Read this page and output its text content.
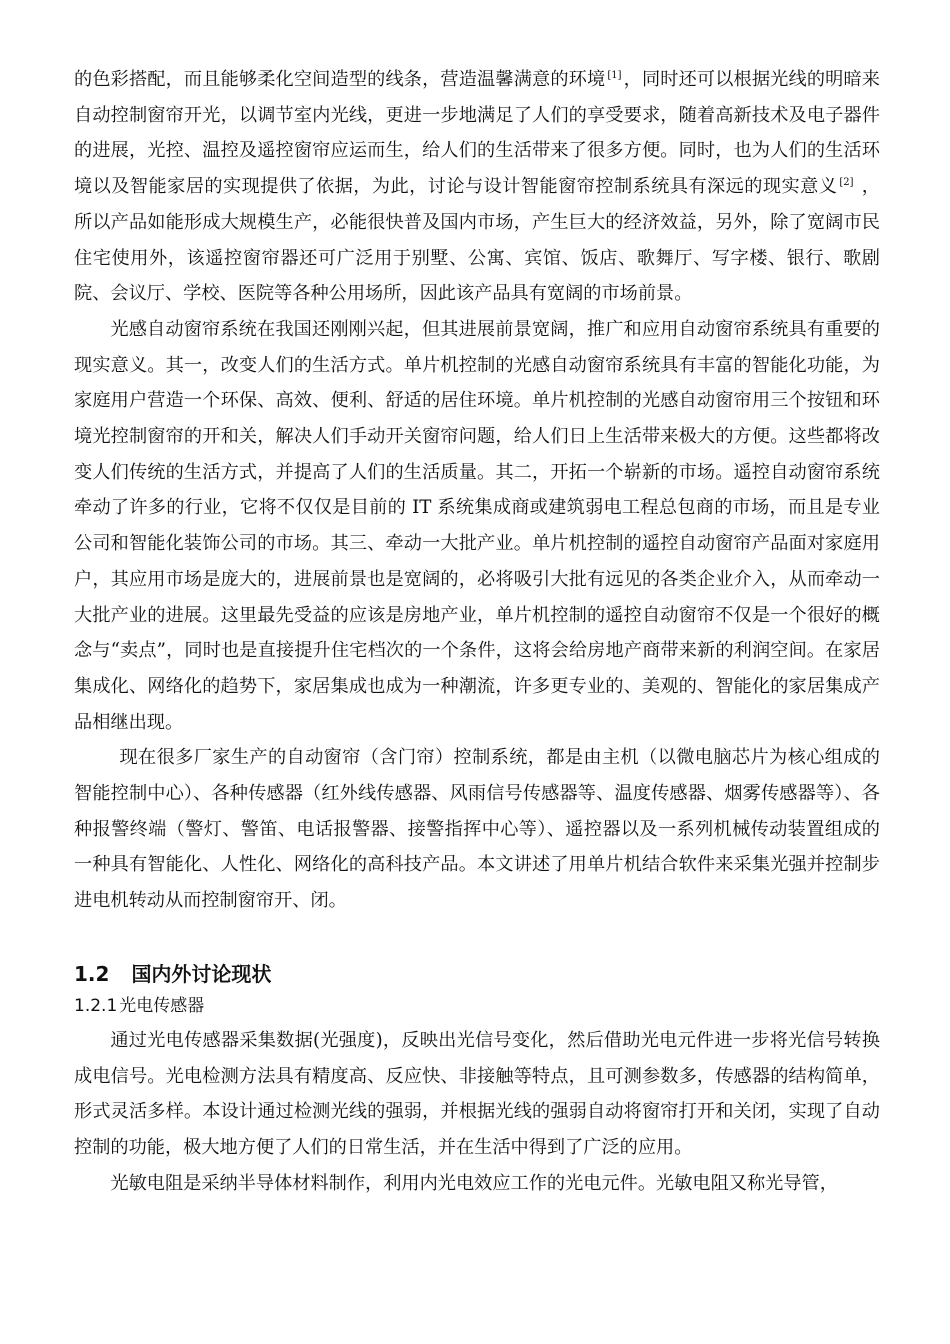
的色彩搭配，而且能够柔化空间造型的线条，营造温馨满意的环境 [1] ，同时还可以根据光线的明暗来自动控制窗帘开光，以调节室内光线，更进一步地满足了人们的享受要求，随着高新技术及电子器件的进展，光控、温控及遥控窗帘应运而生，给人们的生活带来了很多方便。同时，也为人们的生活环境以及智能家居的实现提供了依据，为此，讨论与设计智能窗帘控制系统具有深远的现实意义 [2] ，所以产品如能形成大规模生产，必能很快普及国内市场，产生巨大的经济效益，另外，除了宽阔市民住宅使用外，该遥控窗帘器还可广泛用于别墅、公寓、宾馆、饭店、歌舞厅、写字楼、银行、歌剧院、会议厅、学校、医院等各种公用场所，因此该产品具有宽阔的市场前景。

光感自动窗帘系统在我国还刚刚兴起，但其进展前景宽阔，推广和应用自动窗帘系统具有重要的现实意义。其一，改变人们的生活方式。单片机控制的光感自动窗帘系统具有丰富的智能化功能，为家庭用户营造一个环保、高效、便利、舒适的居住环境。单片机控制的光感自动窗帘用三个按钮和环境光控制窗帘的开和关，解决人们手动开关窗帘问题，给人们日上生活带来极大的方便。这些都将改变人们传统的生活方式，并提高了人们的生活质量。其二，开拓一个崭新的市场。遥控自动窗帘系统牵动了许多的行业，它将不仅仅是目前的 IT 系统集成商或建筑弱电工程总包商的市场，而且是专业公司和智能化装饰公司的市场。其三、牵动一大批产业。单片机控制的遥控自动窗帘产品面对家庭用户，其应用市场是庞大的，进展前景也是宽阔的，必将吸引大批有远见的各类企业介入，从而牵动一大批产业的进展。这里最先受益的应该是房地产业，单片机控制的遥控自动窗帘不仅是一个很好的概念与“卖点”，同时也是直接提升住宅档次的一个条件，这将会给房地产商带来新的利润空间。在家居集成化、网络化的趋势下，家居集成也成为一种潮流，许多更专业的、美观的、智能化的家居集成产品相继出现。

现在很多厂家生产的自动窗帘（含门帘）控制系统，都是由主机（以微电脑芯片为核心组成的智能控制中心）、各种传感器（红外线传感器、风雨信号传感器等、温度传感器、烟雾传感器等）、各种报警终端（警灯、警笛、电话报警器、接警指挥中心等）、遥控器以及一系列机械传动装置组成的一种具有智能化、人性化、网络化的高科技产品。本文讲述了用单片机结合软件来采集光强并控制步进电机转动从而控制窗帘开、闭。

1.2 国内外讨论现状
1.2.1 光电传感器

通过光电传感器采集数据(光强度)，反映出光信号变化，然后借助光电元件进一步将光信号转换成电信号。光电检测方法具有精度高、反应快、非接触等特点，且可测参数多，传感器的结构简单，形式灵活多样。本设计通过检测光线的强弱，并根据光线的强弱自动将窗帘打开和关闭，实现了自动控制的功能，极大地方便了人们的日常生活，并在生活中得到了广泛的应用。

光敏电阻是采纳半导体材料制作，利用内光电效应工作的光电元件。光敏电阻又称光导管，
